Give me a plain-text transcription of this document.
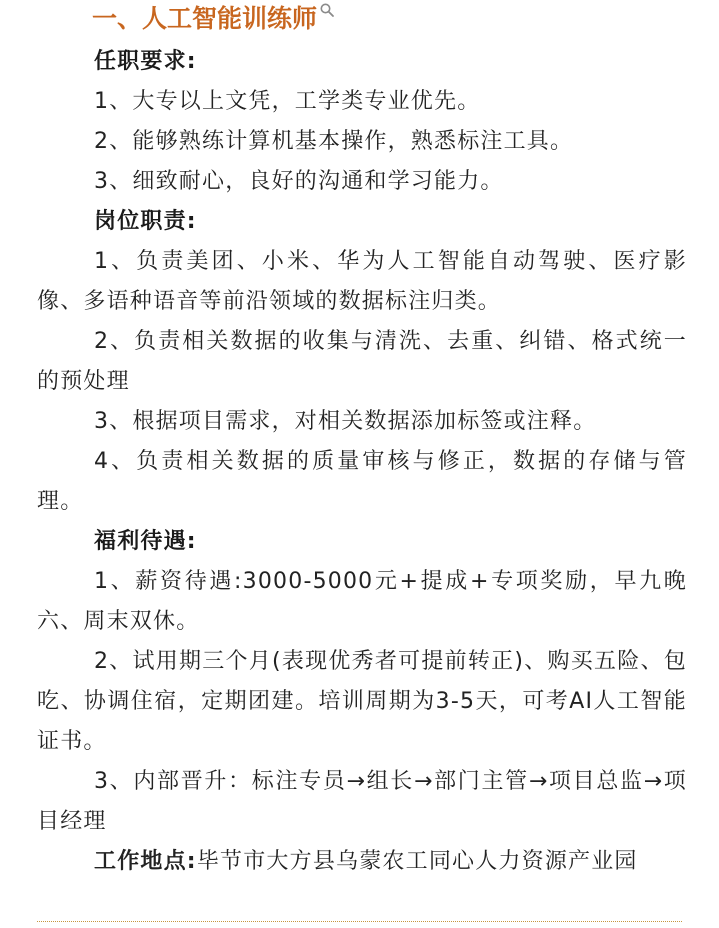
一、人工智能训练师
任职要求:

1、大专以上文凭，工学类专业优先。

2、能够熟练计算机基本操作，熟悉标注工具。

3、细致耐心，良好的沟通和学习能力。

岗位职责:

1、负责美团、小米、华为人工智能自动驾驶、医疗影像、多语种语音等前沿领域的数据标注归类。

2、负责相关数据的收集与清洗、去重、纠错、格式统一的预处理

3、根据项目需求，对相关数据添加标签或注释。

4、负责相关数据的质量审核与修正，数据的存储与管理。

福利待遇:

1、薪资待遇:3000-5000元+提成+专项奖励，早九晚六、周末双休。

2、试用期三个月(表现优秀者可提前转正)、购买五险、包吃、协调住宿，定期团建。培训周期为3-5天，可考AI人工智能证书。

3、内部晋升：标注专员→组长→部门主管→项目总监→项目经理

工作地点:毕节市大方县乌蒙农工同心人力资源产业园
